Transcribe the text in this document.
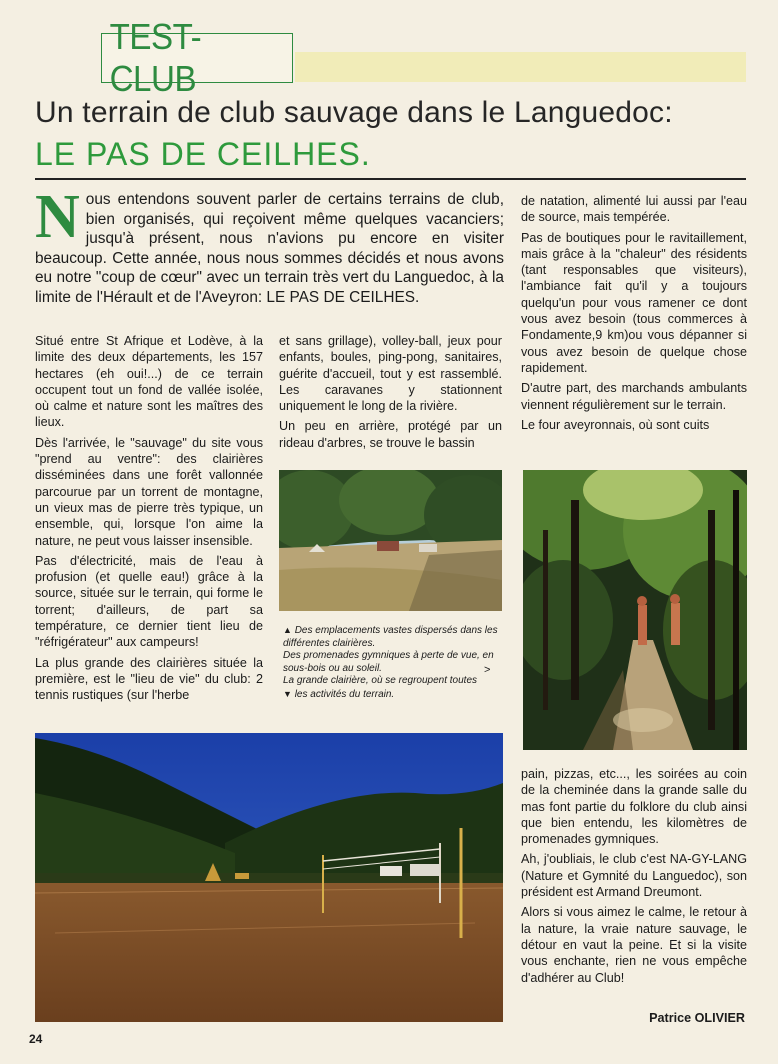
TEST-CLUB
Un terrain de club sauvage dans le Languedoc:
LE PAS DE CEILHES.
N ous entendons souvent parler de certains terrains de club, bien organisés, qui reçoivent même quelques vacanciers; jusqu'à présent, nous n'avions pu encore en visiter beaucoup. Cette année, nous nous sommes décidés et nous avons eu notre "coup de cœur" avec un terrain très vert du Languedoc, à la limite de l'Hérault et de l'Aveyron: LE PAS DE CEILHES.

Situé entre St Afrique et Lodève, à la limite des deux départements, les 157 hectares (eh oui!...) de ce terrain occupent tout un fond de vallée isolée, où calme et nature sont les maîtres des lieux.

Dès l'arrivée, le "sauvage" du site vous "prend au ventre": des clairières disséminées dans une forêt vallonnée parcourue par un torrent de montagne, un vieux mas de pierre très typique, un ensemble, qui, lorsque l'on aime la nature, ne peut vous laisser insensible.

Pas d'électricité, mais de l'eau à profusion (et quelle eau!) grâce à la source, située sur le terrain, qui forme le torrent; d'ailleurs, de part sa température, ce dernier tient lieu de "réfrigérateur" aux campeurs!

La plus grande des clairières située la première, est le "lieu de vie" du club: 2 tennis rustiques (sur l'herbe

et sans grillage), volley-ball, jeux pour enfants, boules, ping-pong, sanitaires, guérite d'accueil, tout y est rassemblé. Les caravanes y stationnent uniquement le long de la rivière.

Un peu en arrière, protégé par un rideau d'arbres, se trouve le bassin

de natation, alimenté lui aussi par l'eau de source, mais tempérée.

Pas de boutiques pour le ravitaillement, mais grâce à la "chaleur" des résidents (tant responsables que visiteurs), l'ambiance fait qu'il y a toujours quelqu'un pour vous ramener ce dont vous avez besoin (tous commerces à Fondamente,9 km)ou vous dépanner si vous avez besoin de quelque chose rapidement.

D'autre part, des marchands ambulants viennent régulièrement sur le terrain.

Le four aveyronnais, où sont cuits

▲ Des emplacements vastes dispersés dans les différentes clairières.

Des promenades gymniques à perte de vue, en sous-bois ou au soleil.

La grande clairière, où se regroupent toutes

▼ les activités du terrain.

>

pain, pizzas, etc..., les soirées au coin de la cheminée dans la grande salle du mas font partie du folklore du club ainsi que bien entendu, les kilomètres de promenades gymniques.

Ah, j'oubliais, le club c'est NA-GY-LANG (Nature et Gymnité du Languedoc), son président est Armand Dreumont.

Alors si vous aimez le calme, le retour à la nature, la vraie nature sauvage, le détour en vaut la peine. Et si la visite vous enchante, rien ne vous empêche d'adhérer au Club!

Patrice OLIVIER
24
